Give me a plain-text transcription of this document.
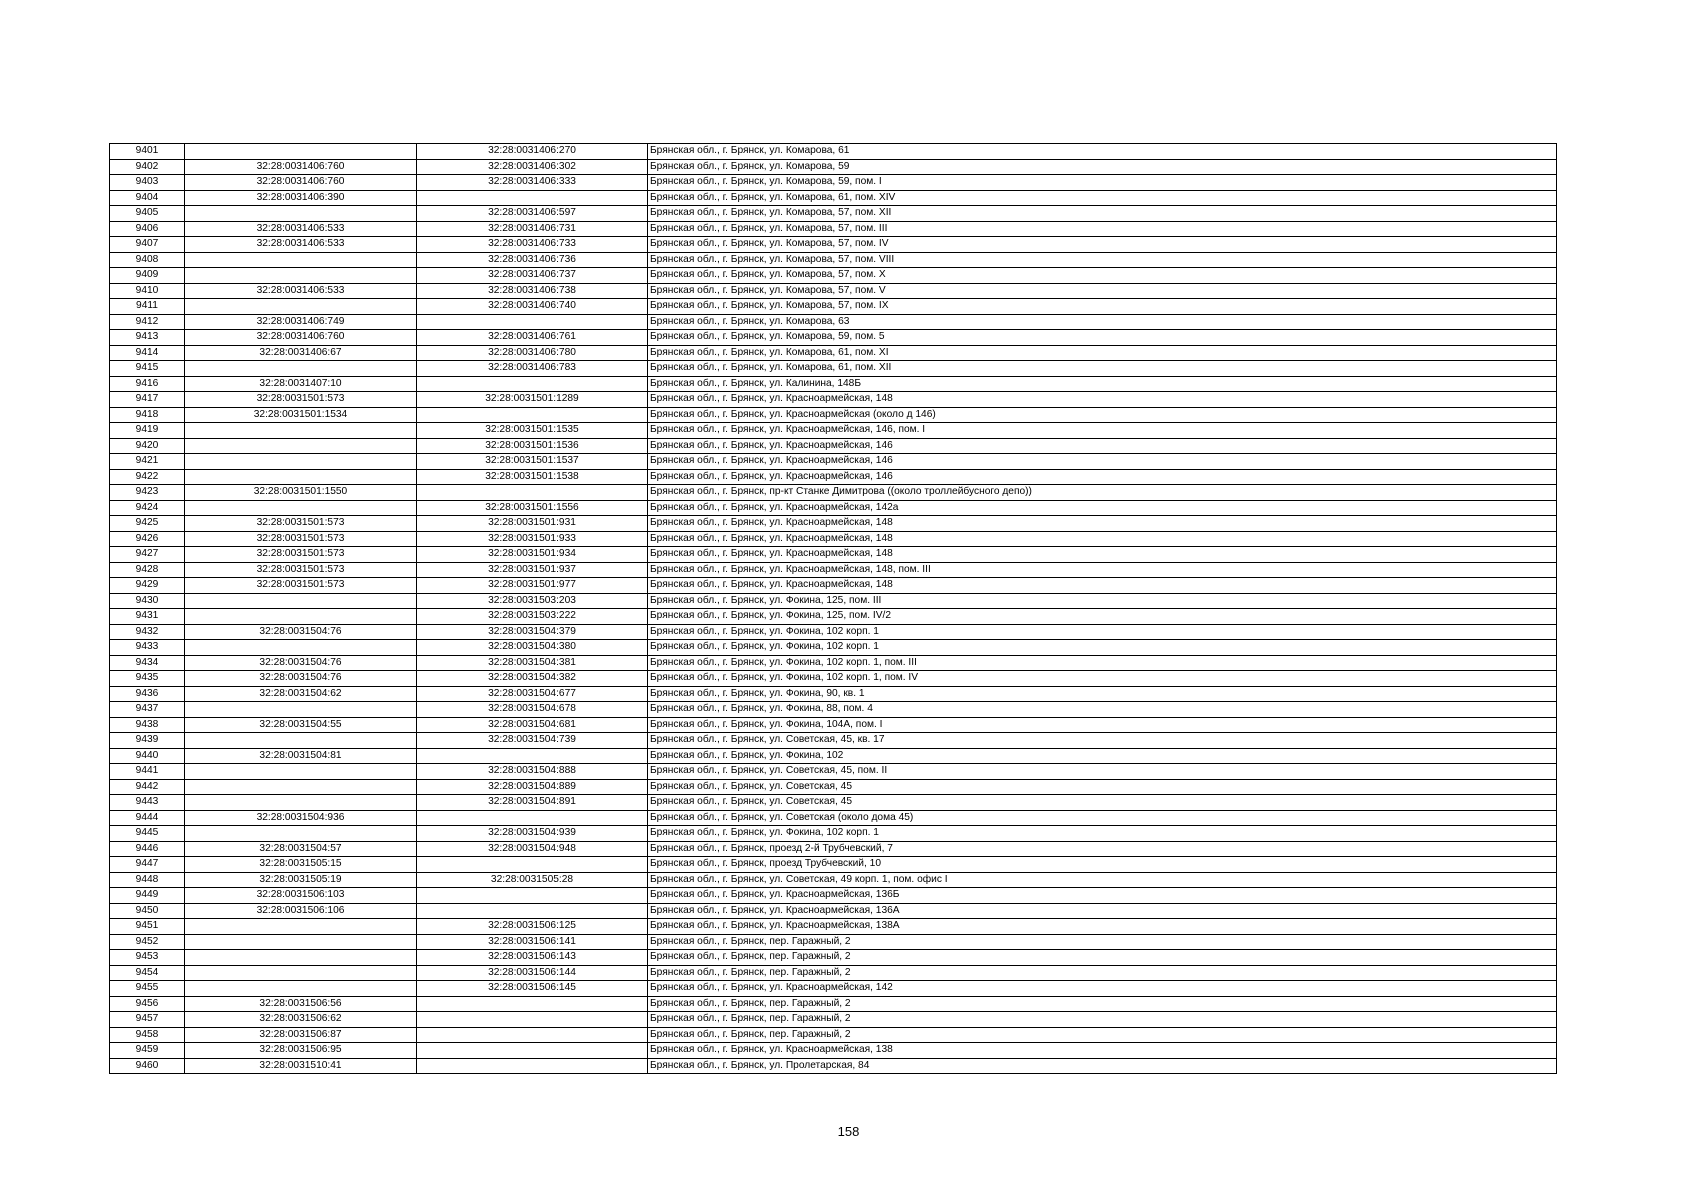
9401		32:28:0031406:270	Брянская обл., г. Брянск, ул. Комарова, 61
9402	32:28:0031406:760	32:28:0031406:302	Брянская обл., г. Брянск, ул. Комарова, 59
9403	32:28:0031406:760	32:28:0031406:333	Брянская обл., г. Брянск, ул. Комарова, 59, пом. I
9404	32:28:0031406:390		Брянская обл., г. Брянск, ул. Комарова, 61, пом. XIV
9405		32:28:0031406:597	Брянская обл., г. Брянск, ул. Комарова, 57, пом. XII
9406	32:28:0031406:533	32:28:0031406:731	Брянская обл., г. Брянск, ул. Комарова, 57, пом. III
9407	32:28:0031406:533	32:28:0031406:733	Брянская обл., г. Брянск, ул. Комарова, 57, пом. IV
9408		32:28:0031406:736	Брянская обл., г. Брянск, ул. Комарова, 57, пом. VIII
9409		32:28:0031406:737	Брянская обл., г. Брянск, ул. Комарова, 57, пом. X
9410	32:28:0031406:533	32:28:0031406:738	Брянская обл., г. Брянск, ул. Комарова, 57, пом. V
9411		32:28:0031406:740	Брянская обл., г. Брянск, ул. Комарова, 57, пом. IX
9412	32:28:0031406:749		Брянская обл., г. Брянск, ул. Комарова, 63
9413	32:28:0031406:760	32:28:0031406:761	Брянская обл., г. Брянск, ул. Комарова, 59, пом. 5
9414	32:28:0031406:67	32:28:0031406:780	Брянская обл., г. Брянск, ул. Комарова, 61, пом. XI
9415		32:28:0031406:783	Брянская обл., г. Брянск, ул. Комарова, 61, пом. XII
9416	32:28:0031407:10		Брянская обл., г. Брянск, ул. Калинина, 148Б
9417	32:28:0031501:573	32:28:0031501:1289	Брянская обл., г. Брянск, ул. Красноармейская, 148
9418	32:28:0031501:1534		Брянская обл., г. Брянск, ул. Красноармейская (около д 146)
9419		32:28:0031501:1535	Брянская обл., г. Брянск, ул. Красноармейская, 146, пом. I
9420		32:28:0031501:1536	Брянская обл., г. Брянск, ул. Красноармейская, 146
9421		32:28:0031501:1537	Брянская обл., г. Брянск, ул. Красноармейская, 146
9422		32:28:0031501:1538	Брянская обл., г. Брянск, ул. Красноармейская, 146
9423	32:28:0031501:1550		Брянская обл., г. Брянск, пр-кт Станке Димитрова ((около троллейбусного депо))
9424		32:28:0031501:1556	Брянская обл., г. Брянск, ул. Красноармейская, 142а
9425	32:28:0031501:573	32:28:0031501:931	Брянская обл., г. Брянск, ул. Красноармейская, 148
9426	32:28:0031501:573	32:28:0031501:933	Брянская обл., г. Брянск, ул. Красноармейская, 148
9427	32:28:0031501:573	32:28:0031501:934	Брянская обл., г. Брянск, ул. Красноармейская, 148
9428	32:28:0031501:573	32:28:0031501:937	Брянская обл., г. Брянск, ул. Красноармейская, 148, пом. III
9429	32:28:0031501:573	32:28:0031501:977	Брянская обл., г. Брянск, ул. Красноармейская, 148
9430		32:28:0031503:203	Брянская обл., г. Брянск, ул. Фокина, 125, пом. III
9431		32:28:0031503:222	Брянская обл., г. Брянск, ул. Фокина, 125, пом. IV/2
9432	32:28:0031504:76	32:28:0031504:379	Брянская обл., г. Брянск, ул. Фокина, 102 корп. 1
9433		32:28:0031504:380	Брянская обл., г. Брянск, ул. Фокина, 102 корп. 1
9434	32:28:0031504:76	32:28:0031504:381	Брянская обл., г. Брянск, ул. Фокина, 102 корп. 1, пом. III
9435	32:28:0031504:76	32:28:0031504:382	Брянская обл., г. Брянск, ул. Фокина, 102 корп. 1, пом. IV
9436	32:28:0031504:62	32:28:0031504:677	Брянская обл., г. Брянск, ул. Фокина, 90, кв. 1
9437		32:28:0031504:678	Брянская обл., г. Брянск, ул. Фокина, 88, пом. 4
9438	32:28:0031504:55	32:28:0031504:681	Брянская обл., г. Брянск, ул. Фокина, 104А, пом. I
9439		32:28:0031504:739	Брянская обл., г. Брянск, ул. Советская, 45, кв. 17
9440	32:28:0031504:81		Брянская обл., г. Брянск, ул. Фокина, 102
9441		32:28:0031504:888	Брянская обл., г. Брянск, ул. Советская, 45, пом. II
9442		32:28:0031504:889	Брянская обл., г. Брянск, ул. Советская, 45
9443		32:28:0031504:891	Брянская обл., г. Брянск, ул. Советская, 45
9444	32:28:0031504:936		Брянская обл., г. Брянск, ул. Советская (около дома 45)
9445		32:28:0031504:939	Брянская обл., г. Брянск, ул. Фокина, 102 корп. 1
9446	32:28:0031504:57	32:28:0031504:948	Брянская обл., г. Брянск, проезд 2-й Трубчевский, 7
9447	32:28:0031505:15		Брянская обл., г. Брянск, проезд Трубчевский, 10
9448	32:28:0031505:19	32:28:0031505:28	Брянская обл., г. Брянск, ул. Советская, 49 корп. 1, пом. офис I
9449	32:28:0031506:103		Брянская обл., г. Брянск, ул. Красноармейская, 136Б
9450	32:28:0031506:106		Брянская обл., г. Брянск, ул. Красноармейская, 136А
9451		32:28:0031506:125	Брянская обл., г. Брянск, ул. Красноармейская, 138А
9452		32:28:0031506:141	Брянская обл., г. Брянск, пер. Гаражный, 2
9453		32:28:0031506:143	Брянская обл., г. Брянск, пер. Гаражный, 2
9454		32:28:0031506:144	Брянская обл., г. Брянск, пер. Гаражный, 2
9455		32:28:0031506:145	Брянская обл., г. Брянск, ул. Красноармейская, 142
9456	32:28:0031506:56		Брянская обл., г. Брянск, пер. Гаражный, 2
9457	32:28:0031506:62		Брянская обл., г. Брянск, пер. Гаражный, 2
9458	32:28:0031506:87		Брянская обл., г. Брянск, пер. Гаражный, 2
9459	32:28:0031506:95		Брянская обл., г. Брянск, ул. Красноармейская, 138
9460	32:28:0031510:41		Брянская обл., г. Брянск, ул. Пролетарская, 84
158
